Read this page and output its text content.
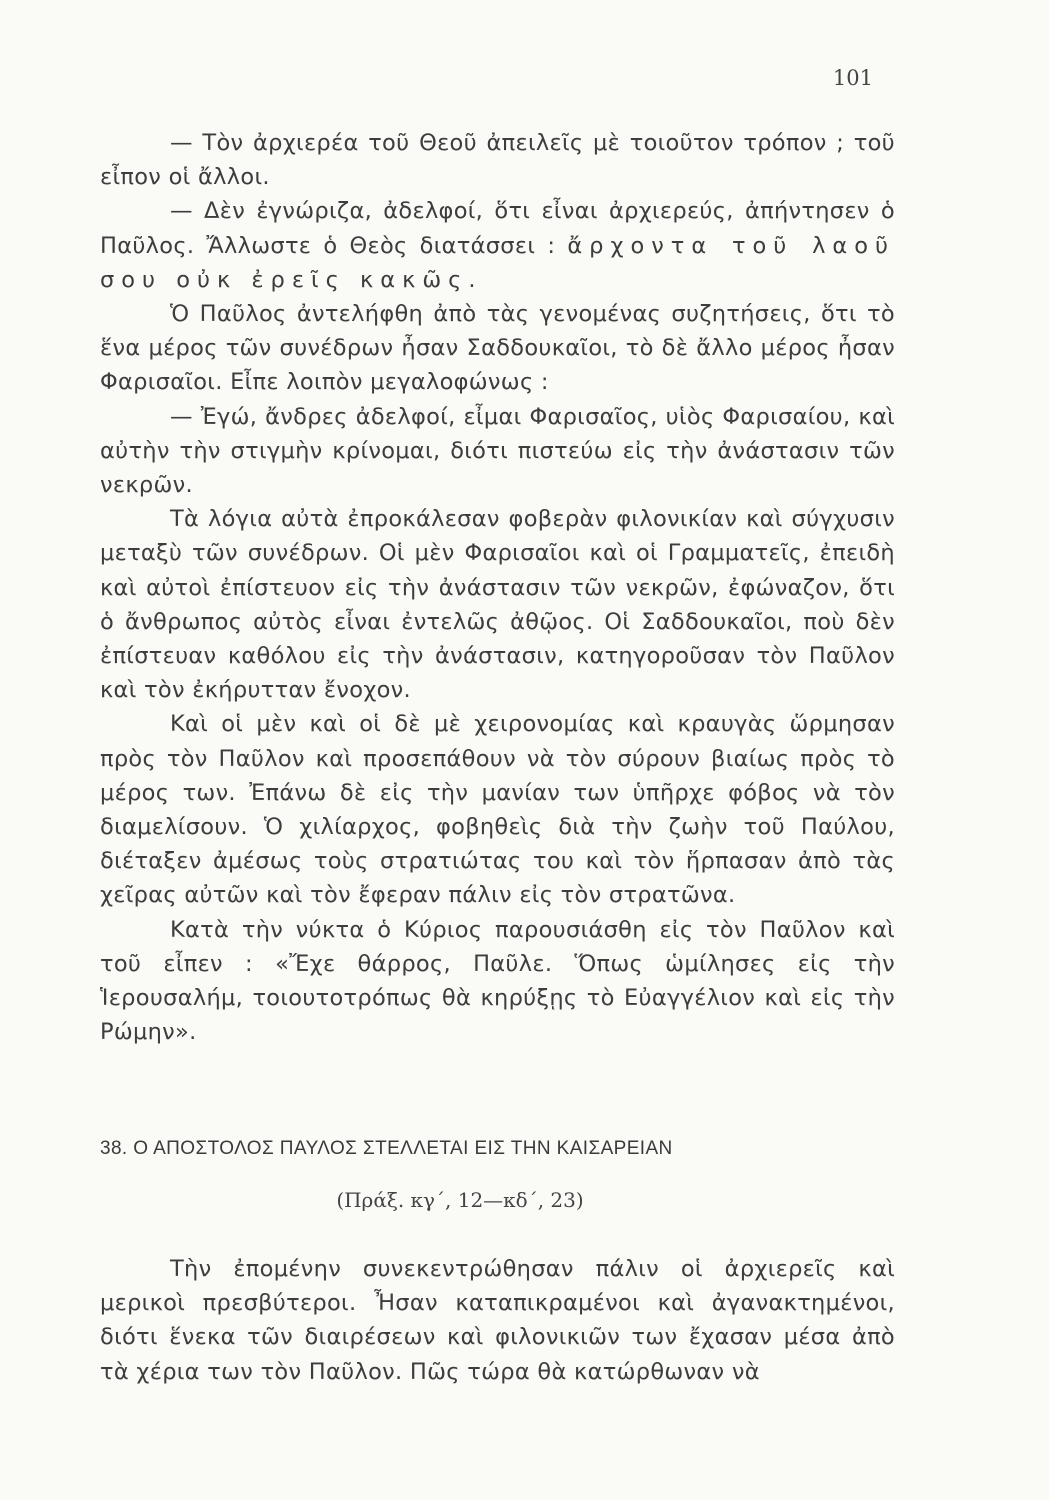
101

— Τὸν ἀρχιερέα τοῦ Θεοῦ ἀπειλεῖς μὲ τοιοῦτον τρόπον ; τοῦ εἶπον οἱ ἄλλοι.

— Δὲν ἐγνώριζα, ἀδελφοί, ὅτι εἶναι ἀρχιερεύς, ἀπήντησεν ὁ Παῦλος. Ἄλλωστε ὁ Θεὸς διατάσσει : ἄρχοντα τοῦ λαοῦ σου οὐκ ἐρεῖς κακῶς.

Ὁ Παῦλος ἀντελήφθη ἀπὸ τὰς γενομένας συζητήσεις, ὅτι τὸ ἕνα μέρος τῶν συνέδρων ἦσαν Σαδδουκαῖοι, τὸ δὲ ἄλλο μέρος ἦσαν Φαρισαῖοι. Εἶπε λοιπὸν μεγαλοφώνως :

— Ἐγώ, ἄνδρες ἀδελφοί, εἶμαι Φαρισαῖος, υἱὸς Φαρισαίου, καὶ αὐτὴν τὴν στιγμὴν κρίνομαι, διότι πιστεύω εἰς τὴν ἀνάστασιν τῶν νεκρῶν.

Τὰ λόγια αὐτὰ ἐπροκάλεσαν φοβερὰν φιλονικίαν καὶ σύγχυσιν μεταξὺ τῶν συνέδρων. Οἱ μὲν Φαρισαῖοι καὶ οἱ Γραμματεῖς, ἐπειδὴ καὶ αὐτοὶ ἐπίστευον εἰς τὴν ἀνάστασιν τῶν νεκρῶν, ἐφώναζον, ὅτι ὁ ἄνθρωπος αὐτὸς εἶναι ἐντελῶς ἀθῷος. Οἱ Σαδδουκαῖοι, ποὺ δὲν ἐπίστευαν καθόλου εἰς τὴν ἀνάστασιν, κατηγοροῦσαν τὸν Παῦλον καὶ τὸν ἐκήρυτταν ἔνοχον.

Καὶ οἱ μὲν καὶ οἱ δὲ μὲ χειρονομίας καὶ κραυγὰς ὥρμησαν πρὸς τὸν Παῦλον καὶ προσεπάθουν νὰ τὸν σύρουν βιαίως πρὸς τὸ μέρος των. Ἐπάνω δὲ εἰς τὴν μανίαν των ὑπῆρχε φόβος νὰ τὸν διαμελίσουν. Ὁ χιλίαρχος, φοβηθεὶς διὰ τὴν ζωὴν τοῦ Παύλου, διέταξεν ἀμέσως τοὺς στρατιώτας του καὶ τὸν ἥρπασαν ἀπὸ τὰς χεῖρας αὐτῶν καὶ τὸν ἔφεραν πάλιν εἰς τὸν στρατῶνα.

Κατὰ τὴν νύκτα ὁ Κύριος παρουσιάσθη εἰς τὸν Παῦλον καὶ τοῦ εἶπεν : «Ἔχε θάρρος, Παῦλε. Ὅπως ὡμίλησες εἰς τὴν Ἱερουσαλήμ, τοιουτοτρόπως θὰ κηρύξῃς τὸ Εὐαγγέλιον καὶ εἰς τὴν Ρώμην».

38. Ο ΑΠΟΣΤΟΛΟΣ ΠΑΥΛΟΣ ΣΤΕΛΛΕΤΑΙ ΕΙΣ ΤΗΝ ΚΑΙΣΑΡΕΙΑΝ
(Πράξ. κγ΄, 12—κδ΄, 23)

Τὴν ἐπομένην συνεκεντρώθησαν πάλιν οἱ ἀρχιερεῖς καὶ μερικοὶ πρεσβύτεροι. Ἦσαν καταπικραμένοι καὶ ἀγανακτημένοι, διότι ἕνεκα τῶν διαιρέσεων καὶ φιλονικιῶν των ἔχασαν μέσα ἀπὸ τὰ χέρια των τὸν Παῦλον. Πῶς τώρα θὰ κατώρθωναν νὰ
